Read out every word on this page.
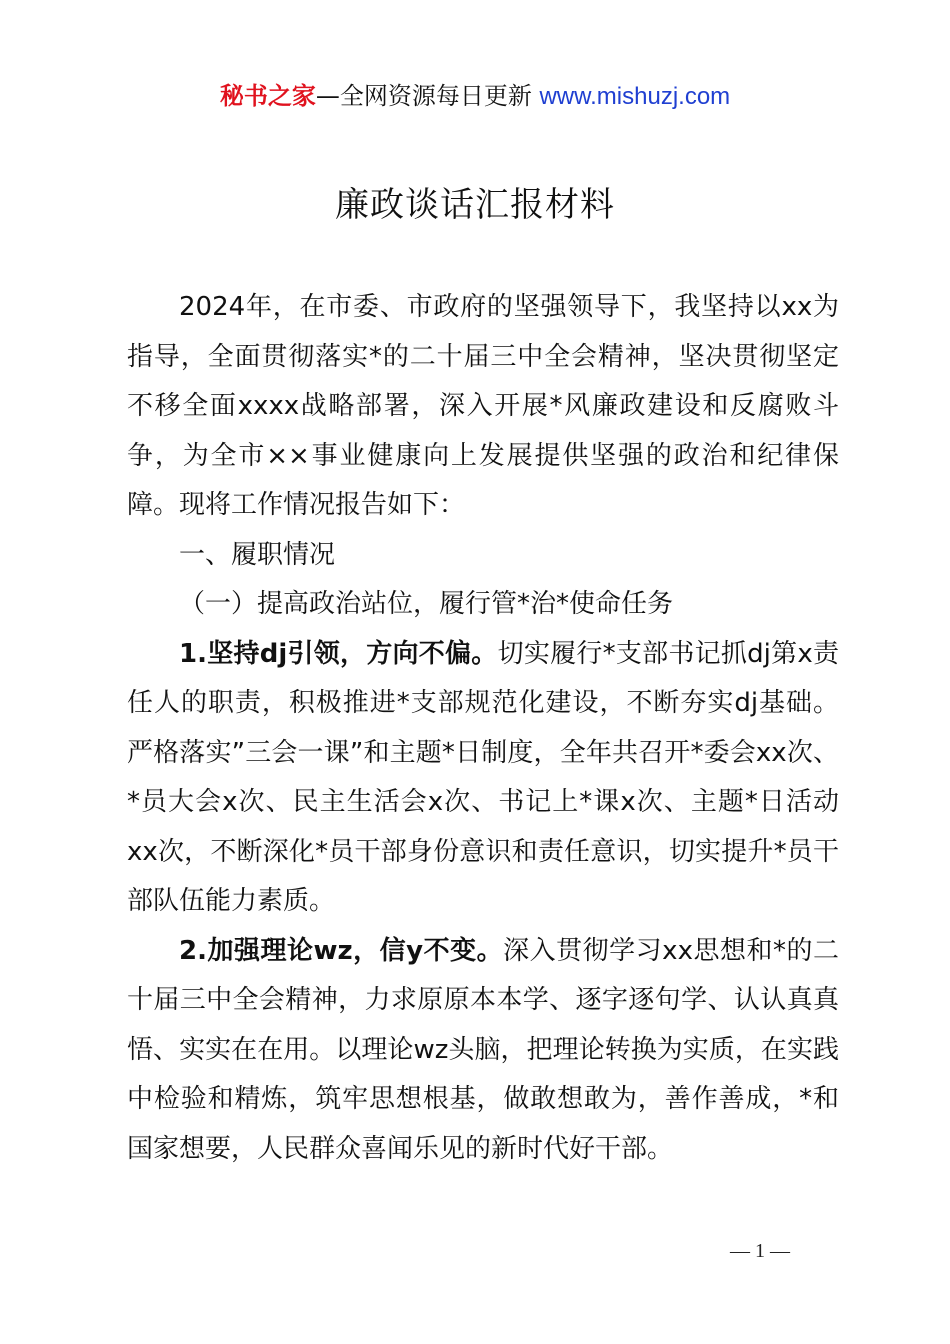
秘书之家—全网资源每日更新 www.mishuzj.com
廉政谈话汇报材料

2024年，在市委、市政府的坚强领导下，我坚持以xx为指导，全面贯彻落实*的二十届三中全会精神，坚决贯彻坚定不移全面xxxx战略部署，深入开展*风廉政建设和反腐败斗争，为全市××事业健康向上发展提供坚强的政治和纪律保障。现将工作情况报告如下：

一、履职情况

（一）提高政治站位，履行管*治*使命任务

1.坚持dj引领，方向不偏。切实履行*支部书记抓dj第x责任人的职责，积极推进*支部规范化建设，不断夯实dj基础。严格落实”三会一课”和主题*日制度，全年共召开*委会xx次、*员大会x次、民主生活会x次、书记上*课x次、主题*日活动xx次，不断深化*员干部身份意识和责任意识，切实提升*员干部队伍能力素质。

2.加强理论wz，信y不变。深入贯彻学习xx思想和*的二十届三中全会精神，力求原原本本学、逐字逐句学、认认真真悟、实实在在用。以理论wz头脑，把理论转换为实质，在实践中检验和精炼，筑牢思想根基，做敢想敢为，善作善成，*和国家想要，人民群众喜闻乐见的新时代好干部。

— 1 —
